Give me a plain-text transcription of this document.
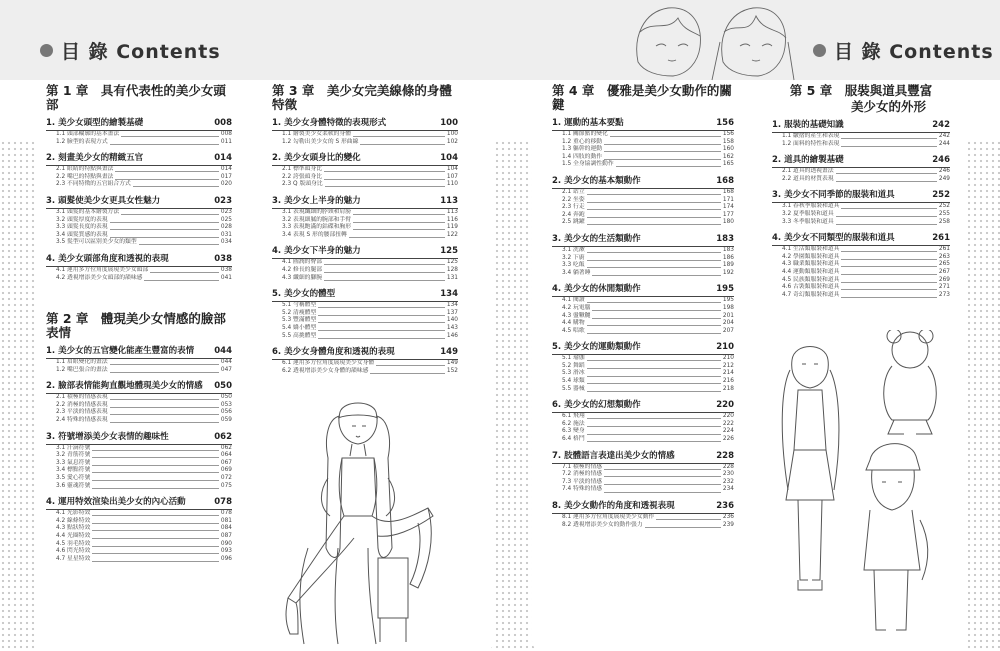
目 錄 Contents
第 1 章　具有代表性的美少女頭部
1. 美少女頭型的繪製基礎	008
1.1 頭部輪廓的基本畫法	008
1.2 臉型的表現方式	011
2. 刻畫美少女的精緻五官	014
2.1 眼睛的特點與畫法	014
2.2 嘴巴的特點與畫法	017
2.3 不同特徵的五官組合方式	020
3. 頭髮使美少女更具女性魅力	023
3.1 頭髮的基本繪製方法	023
3.2 頭髮厚度的表現	025
3.3 頭髮長度的表現	028
3.4 頭髮質感的表現	031
3.5 髮型可以區別美少女的類型	034
4. 美少女頭部角度和透視的表現	038
4.1 運用多方位角度展現美少女頭部	038
4.2 透視增添美少女頭部的韻味感	041
第 2 章　體現美少女情感的臉部表情
1. 美少女的五官變化能產生豐富的表情 044
1.1 眉眼變化的畫法	044
1.2 嘴巴張合的畫法	047
2. 臉部表情能夠直觀地體現美少女的情感 050
2.1 積極的情感表現	050
2.2 消極的情感表現	053
2.3 平淡的情感表現	056
2.4 特殊的情感表現	059
3. 符號增添美少女表情的趣味性	062
3.1 汗滴符號	062
3.2 青筋符號	064
3.3 氣息符號	067
3.4 標點符號	069
3.5 愛心符號	072
3.6 靈魂符號	075
4. 運用特效渲染出美少女的內心活動	078
4.1 光影特效	078
4.2 線條特效	081
4.3 點狀特效	084
4.4 光圈特效	087
4.5 羽毛特效	090
4.6 閃光特效	093
4.7 星星特效	096
第 3 章　美少女完美線條的身體特徵
1. 美少女身體特徵的表現形式	100
1.1 繪製美少女柔軟的身體	100
1.2 勾勒出美少女的 S 形曲線	102
2. 美少女頭身比的變化	104
2.1 標準頭身比	104
2.2 誇張頭身比	107
2.3 Q 版頭身比	110
3. 美少女上半身的魅力	113
3.1 表現纖細的脖頸和肩膀	113
3.2 表現細膩的腕部和手臂	116
3.3 表現飽滿的鈷碟和胸形	119
3.4 表現 S 形的腰部扭轉	122
4. 美少女下半身的魅力	125
4.1 圓潤的臀部	125
4.2 修長的腿部	128
4.3 纖細的腳腕	131
5. 美少女的體型	134
5.1 勻稱體型	134
5.2 清瘦體型	137
5.3 豐滿體型	140
5.4 嬌小體型	143
5.5 高挑體型	146
6. 美少女身體角度和透視的表現	149
6.1 運用多方位角度展現美少女身體	149
6.2 透視增添美少女身體的韻味感	152
目 錄 Contents
第 4 章　優雅是美少女動作的關鍵
1. 運動的基本要點	156
1.1 關節點的變化	156
1.2 重心的移動	158
1.3 軀幹的運動	160
1.4 四肢的動作	162
1.5 全身協調性動作	165
2. 美少女的基本類動作	168
2.1 站立	168
2.2 坐姿	171
2.3 行走	174
2.4 奔跑	177
2.5 跳躍	180
3. 美少女的生活類動作	183
3.1 洗漱	183
3.2 下廚	186
3.3 吃飯	189
3.4 躺著睡	192
4. 美少女的休閒類動作	195
4.1 閱讀	195
4.2 玩電腦	198
4.3 盪鞦韆	201
4.4 購物	204
4.5 唱歌	207
5. 美少女的運動類動作	210
5.1 瑜伽	210
5.2 舞蹈	212
5.3 滑冰	214
5.4 球類	216
5.5 器械	218
6. 美少女的幻想類動作	220
6.1 飛翔	220
6.2 施法	222
6.3 變身	224
6.4 格鬥	226
7. 肢體語言表達出美少女的情感	228
7.1 積極的情感	228
7.2 消極的情感	230
7.3 平淡的情感	232
7.4 特殊的情感	234
8. 美少女動作的角度和透視表現	236
8.1 運用多方位角度展現美少女動作	236
8.2 透視增添美少女的動作張力	239
第 5 章　服裝與道具豐富
美少女的外形
1. 服裝的基礎知識	242
1.1 皺摺的產生和表現	242
1.2 面料的特性和表現	244
2. 道具的繪製基礎	246
2.1 道具的透視畫法	246
2.2 道具的材質表現	249
3. 美少女不同季節的服裝和道具	252
3.1 春秋季服裝和道具	252
3.2 夏季服裝和道具	255
3.3 冬季服裝和道具	258
4. 美少女不同類型的服裝和道具	261
4.1 生活類服裝和道具	261
4.2 學園類服裝和道具	263
4.3 職業類服裝和道具	265
4.4 運動類服裝和道具	267
4.5 民族類服裝和道具	269
4.6 古裝類服裝和道具	271
4.7 奇幻類服裝和道具	273
